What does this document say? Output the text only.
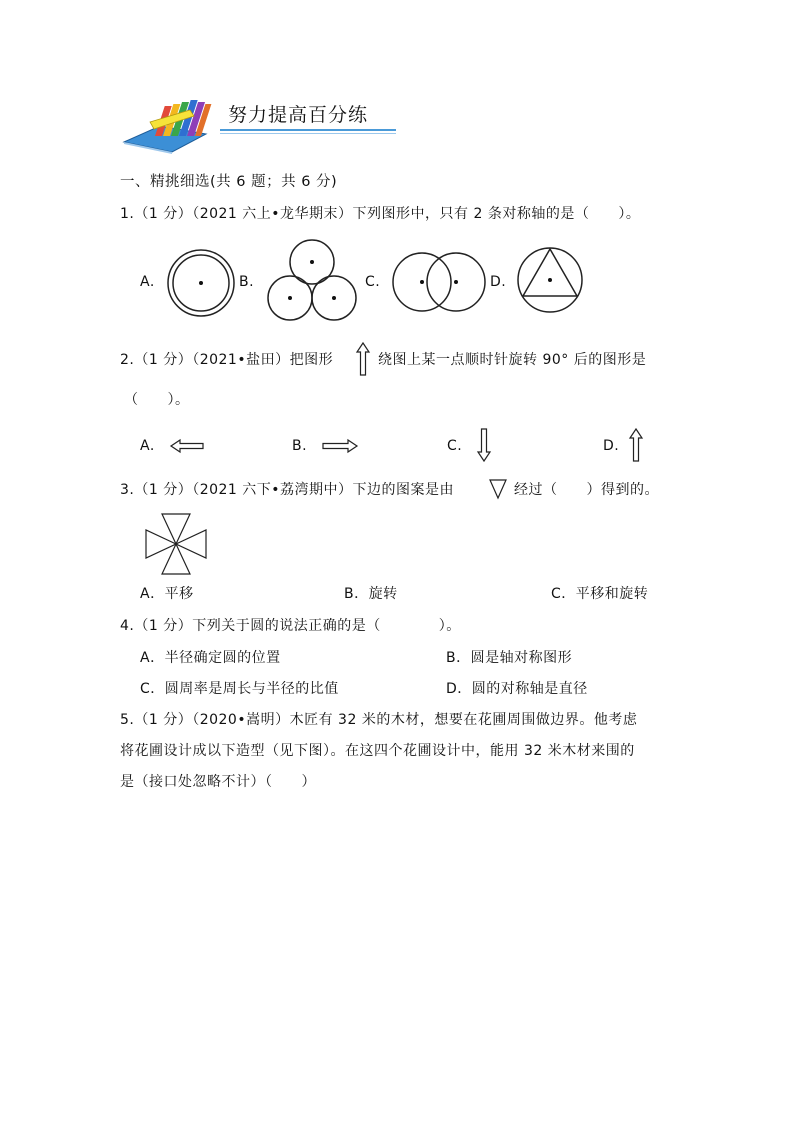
努力提高百分练
一、精挑细选(共 6 题；共 6 分)
1.（1 分）（2021 六上•龙华期末）下列图形中，只有 2 条对称轴的是（　　）。
A.	B.	C.	D.
2.（1 分）（2021•盐田）把图形	绕图上某一点顺时针旋转 90° 后的图形是
（　　）。
A.	B.	C.	D.
3.（1 分）（2021 六下•荔湾期中）下边的图案是由	经过（　　）得到的。
A．平移	B．旋转	C．平移和旋转
4.（1 分）下列关于圆的说法正确的是（　　　　）。
A．半径确定圆的位置	B．圆是轴对称图形
C．圆周率是周长与半径的比值	D．圆的对称轴是直径
5.（1 分）（2020•嵩明）木匠有 32 米的木材，想要在花圃周围做边界。他考虑
将花圃设计成以下造型（见下图）。在这四个花圃设计中，能用 32 米木材来围的
是（接口处忽略不计）（　　）
